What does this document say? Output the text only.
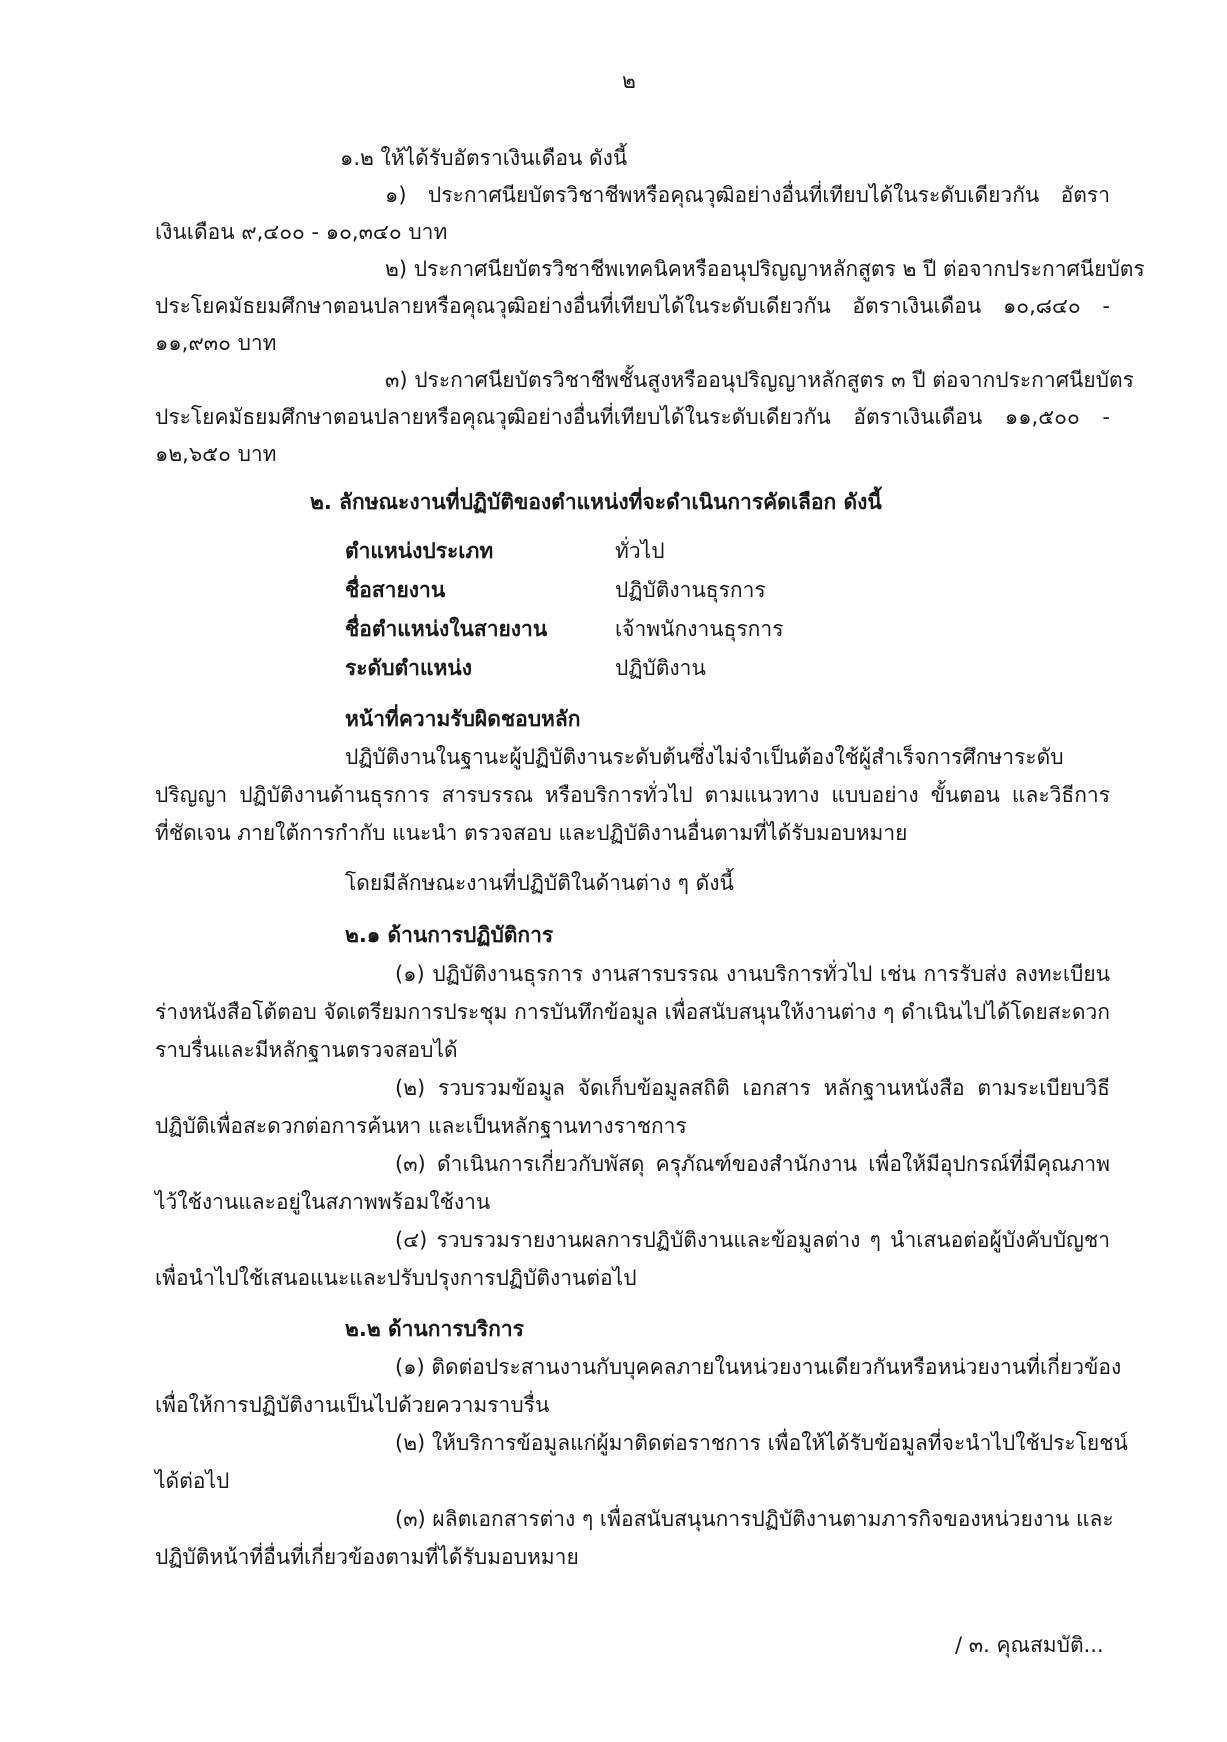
๒
๑.๒ ให้ได้รับอัตราเงินเดือน ดังนี้
๑) ประกาศนียบัตรวิชาชีพหรือคุณวุฒิอย่างอื่นที่เทียบได้ในระดับเดียวกัน อัตรา
เงินเดือน ๙,๔๐๐ - ๑๐,๓๔๐ บาท
๒) ประกาศนียบัตรวิชาชีพเทคนิคหรืออนุปริญญาหลักสูตร ๒ ปี ต่อจากประกาศนียบัตร
ประโยคมัธยมศึกษาตอนปลายหรือคุณวุฒิอย่างอื่นที่เทียบได้ในระดับเดียวกัน อัตราเงินเดือน ๑๐,๘๔๐ -
๑๑,๙๓๐ บาท
๓) ประกาศนียบัตรวิชาชีพชั้นสูงหรืออนุปริญญาหลักสูตร ๓ ปี ต่อจากประกาศนียบัตร
ประโยคมัธยมศึกษาตอนปลายหรือคุณวุฒิอย่างอื่นที่เทียบได้ในระดับเดียวกัน อัตราเงินเดือน ๑๑,๕๐๐ -
๑๒,๖๕๐ บาท
๒. ลักษณะงานที่ปฏิบัติของตำแหน่งที่จะดำเนินการคัดเลือก ดังนี้
ตำแหน่งประเภท	ทั่วไป
ชื่อสายงาน	ปฏิบัติงานธุรการ
ชื่อตำแหน่งในสายงาน	เจ้าพนักงานธุรการ
ระดับตำแหน่ง	ปฏิบัติงาน
หน้าที่ความรับผิดชอบหลัก
ปฏิบัติงานในฐานะผู้ปฏิบัติงานระดับต้นซึ่งไม่จำเป็นต้องใช้ผู้สำเร็จการศึกษาระดับ
ปริญญา ปฏิบัติงานด้านธุรการ สารบรรณ หรือบริการทั่วไป ตามแนวทาง แบบอย่าง ขั้นตอน และวิธีการ
ที่ชัดเจน ภายใต้การกำกับ แนะนำ ตรวจสอบ และปฏิบัติงานอื่นตามที่ได้รับมอบหมาย
โดยมีลักษณะงานที่ปฏิบัติในด้านต่าง ๆ ดังนี้
๒.๑ ด้านการปฏิบัติการ
(๑) ปฏิบัติงานธุรการ งานสารบรรณ งานบริการทั่วไป เช่น การรับส่ง ลงทะเบียน
ร่างหนังสือโต้ตอบ จัดเตรียมการประชุม การบันทึกข้อมูล เพื่อสนับสนุนให้งานต่าง ๆ ดำเนินไปได้โดยสะดวก
ราบรื่นและมีหลักฐานตรวจสอบได้
(๒) รวบรวมข้อมูล จัดเก็บข้อมูลสถิติ เอกสาร หลักฐานหนังสือ ตามระเบียบวิธี
ปฏิบัติเพื่อสะดวกต่อการค้นหา และเป็นหลักฐานทางราชการ
(๓) ดำเนินการเกี่ยวกับพัสดุ ครุภัณฑ์ของสำนักงาน เพื่อให้มีอุปกรณ์ที่มีคุณภาพ
ไว้ใช้งานและอยู่ในสภาพพร้อมใช้งาน
(๔) รวบรวมรายงานผลการปฏิบัติงานและข้อมูลต่าง ๆ นำเสนอต่อผู้บังคับบัญชา
เพื่อนำไปใช้เสนอแนะและปรับปรุงการปฏิบัติงานต่อไป
๒.๒ ด้านการบริการ
(๑) ติดต่อประสานงานกับบุคคลภายในหน่วยงานเดียวกันหรือหน่วยงานที่เกี่ยวข้อง
เพื่อให้การปฏิบัติงานเป็นไปด้วยความราบรื่น
(๒) ให้บริการข้อมูลแก่ผู้มาติดต่อราชการ เพื่อให้ได้รับข้อมูลที่จะนำไปใช้ประโยชน์
ได้ต่อไป
(๓) ผลิตเอกสารต่าง ๆ เพื่อสนับสนุนการปฏิบัติงานตามภารกิจของหน่วยงาน และ
ปฏิบัติหน้าที่อื่นที่เกี่ยวข้องตามที่ได้รับมอบหมาย
/ ๓. คุณสมบัติ...
